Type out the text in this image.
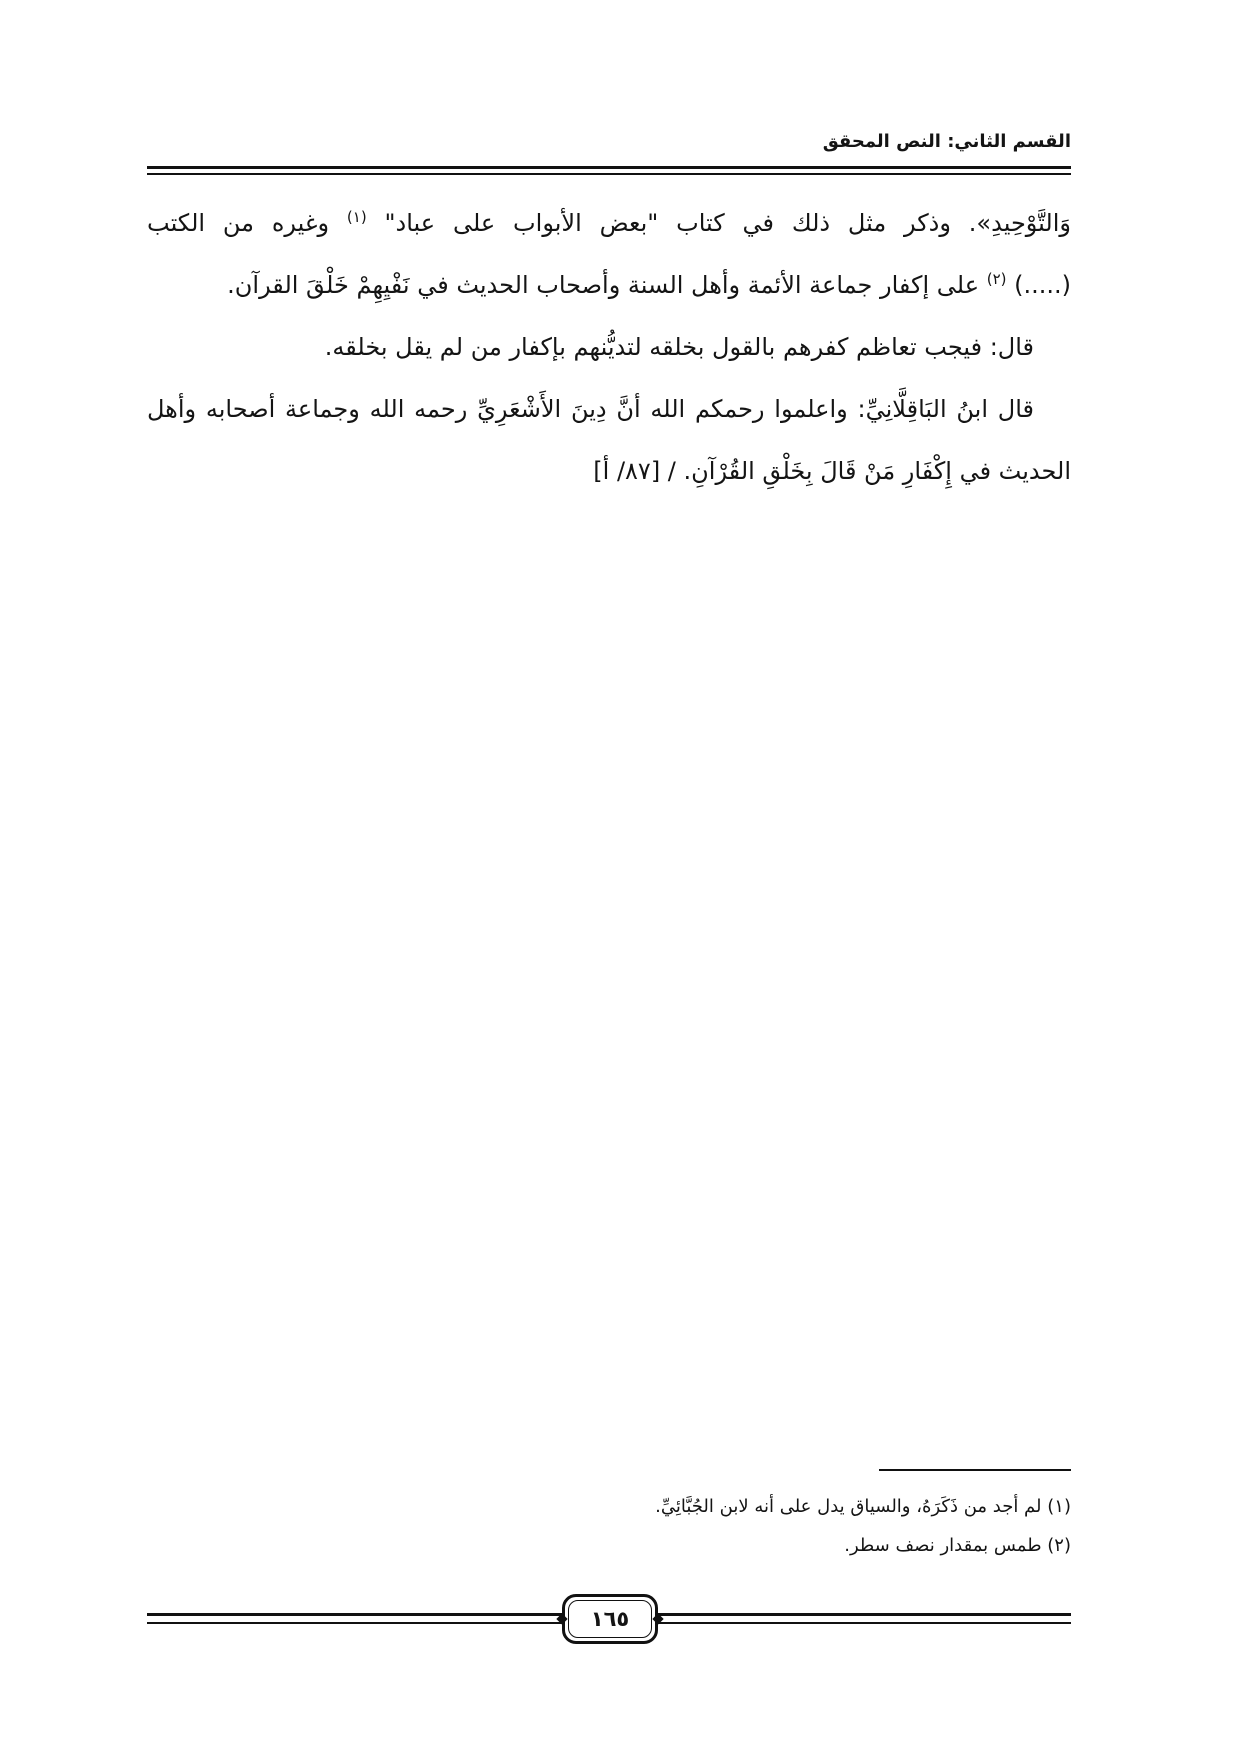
القسم الثاني: النص المحقق
وَالتَّوْحِيدِ». وذكر مثل ذلك في كتاب "بعض الأبواب على عباد" $^{(١)}$ وغيره من الكتب
(.....) $^{(٢)}$ على إكفار جماعة الأئمة وأهل السنة وأصحاب الحديث في نَفْيِهِمْ خَلْقَ القرآن.
قال: فيجب تعاظم كفرهم بالقول بخلقه لتديُّنهم بإكفار من لم يقل بخلقه.
قال ابنُ البَاقِلَّانِيِّ: واعلموا رحمكم الله أنَّ دِينَ الأَشْعَرِيِّ رحمه الله وجماعة أصحابه وأهل
الحديث في إِكْفَارِ مَنْ قَالَ بِخَلْقِ القُرْآنِ. / [٨٧/ أ]
(١) لم أجد من ذَكَرَهُ، والسياق يدل على أنه لابن الجُبَّائِيِّ.
(٢) طمس بمقدار نصف سطر.
١٦٥
